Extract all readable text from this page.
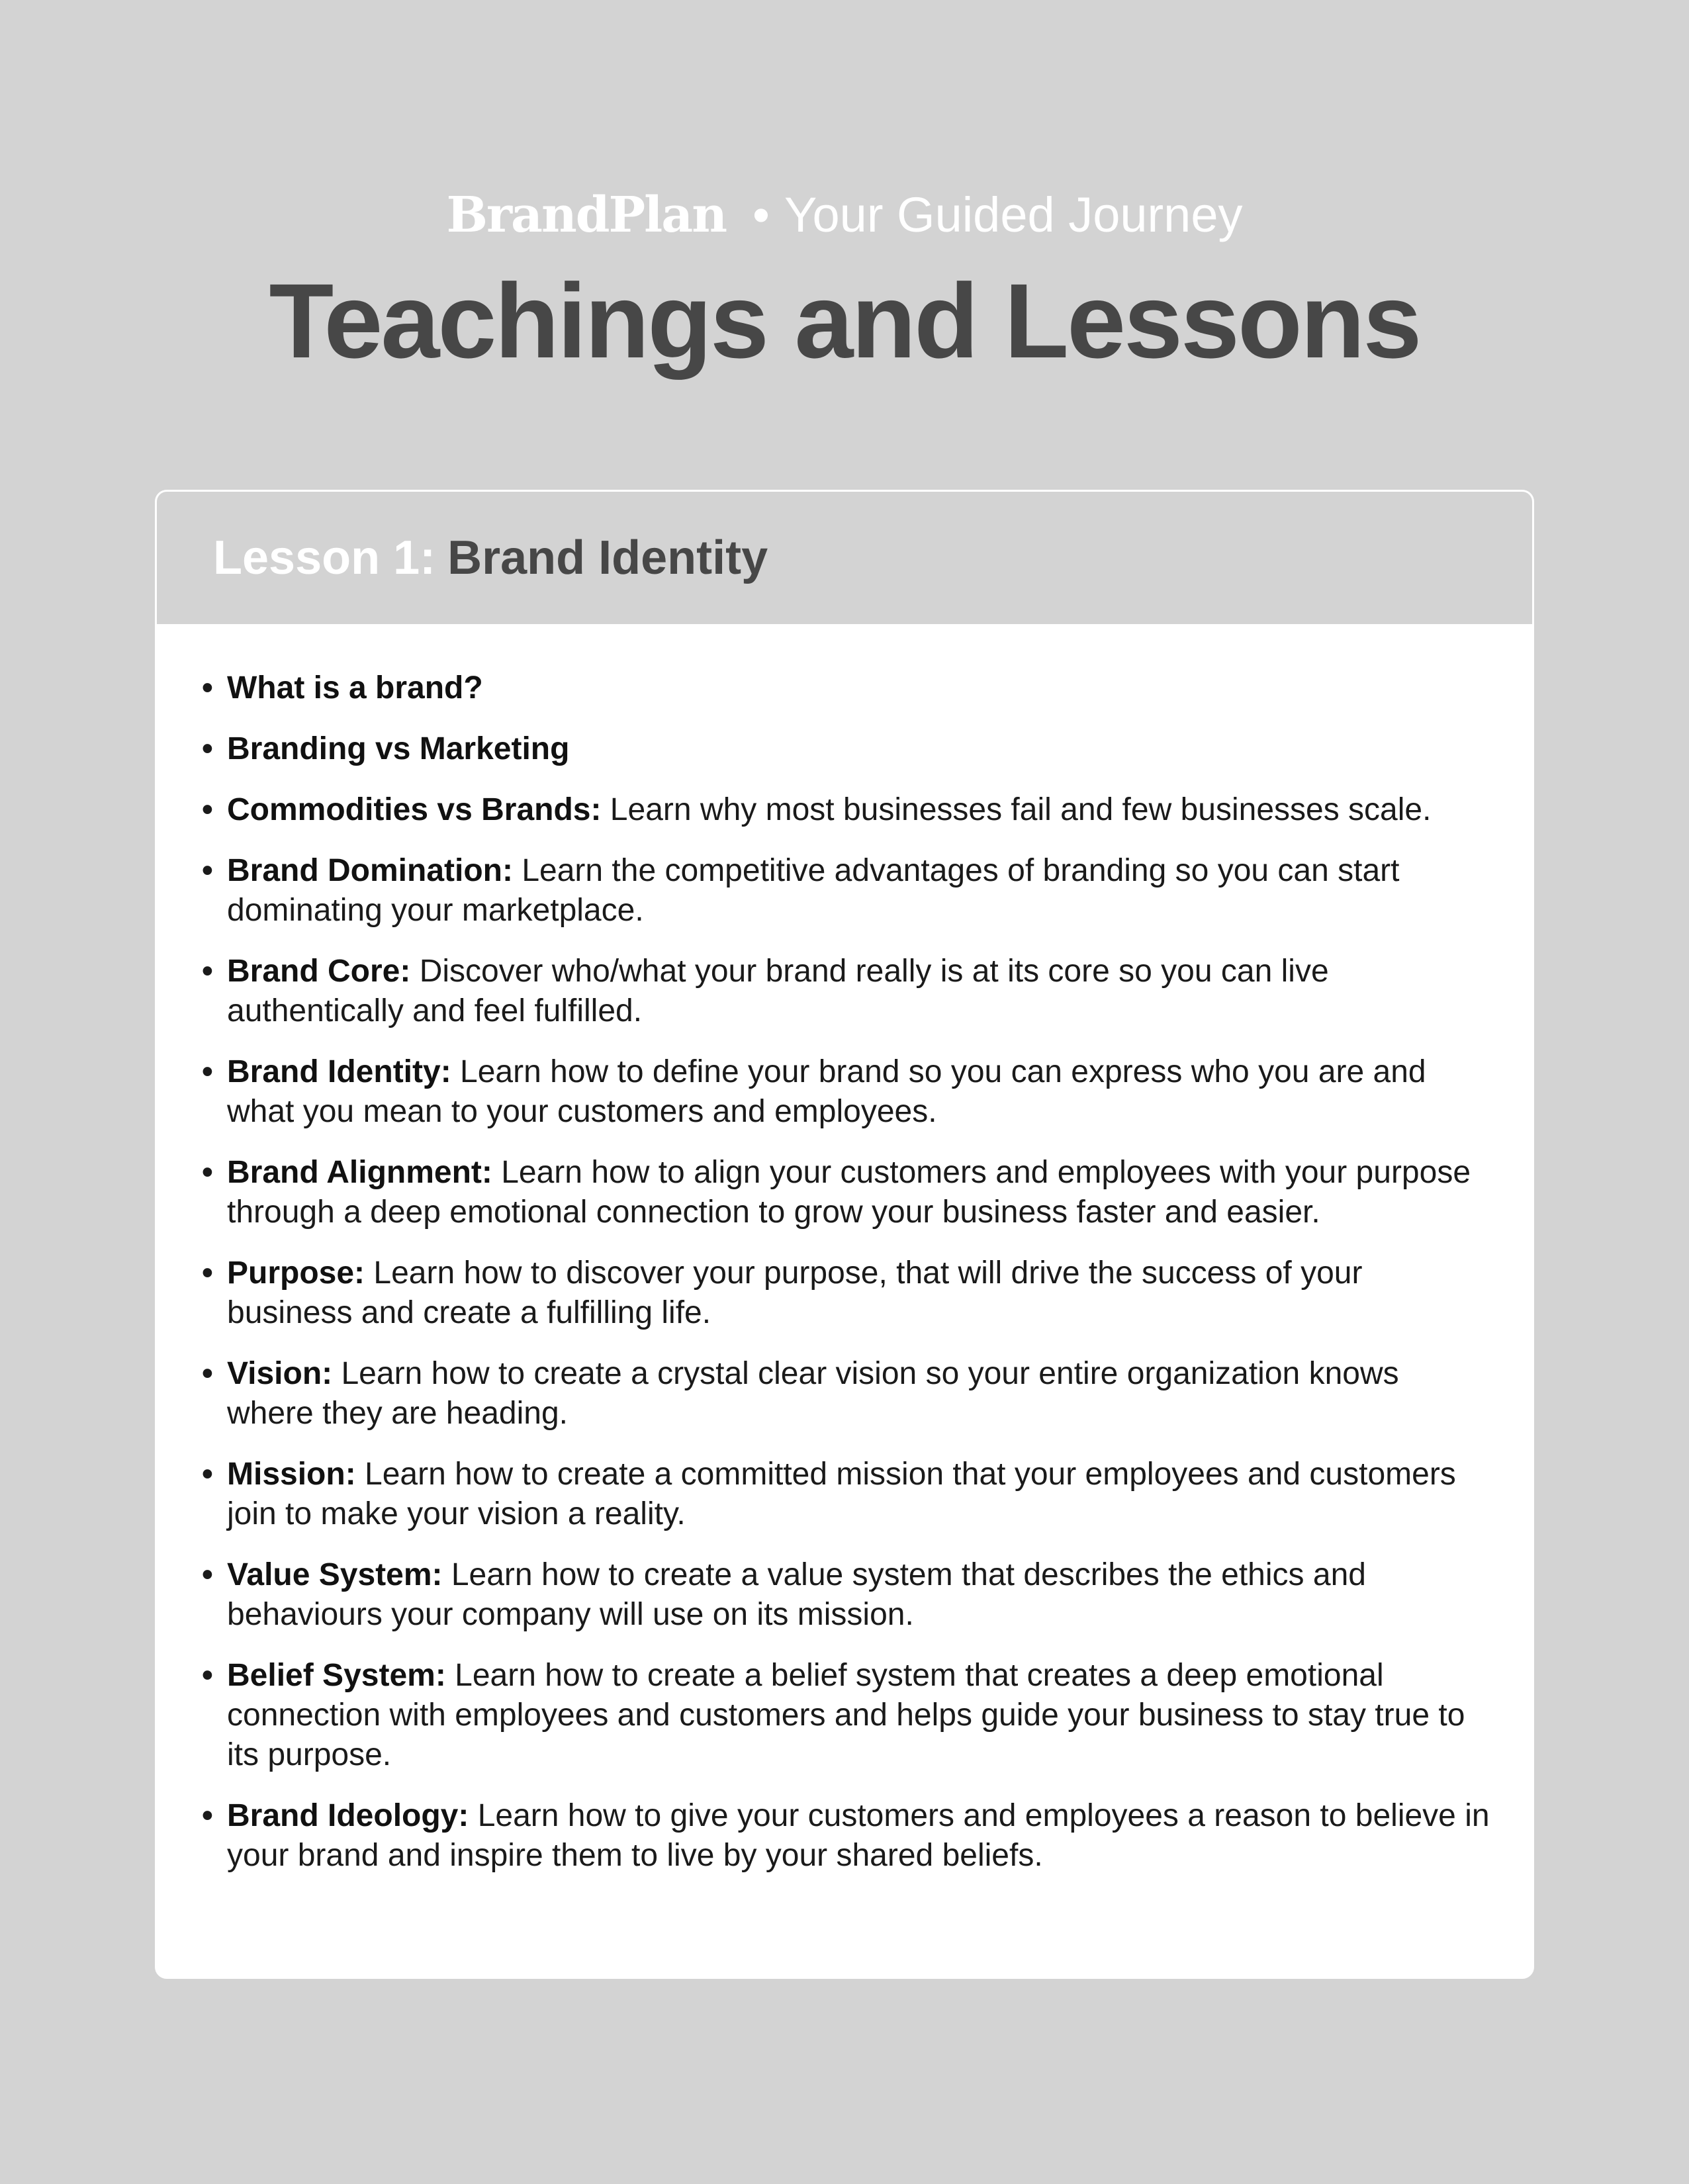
BrandPlan • Your Guided Journey
Teachings and Lessons
Lesson 1: Brand Identity
• What is a brand?
• Branding vs Marketing
• Commodities vs Brands: Learn why most businesses fail and few businesses scale.
• Brand Domination: Learn the competitive advantages of branding so you can start dominating your marketplace.
• Brand Core: Discover who/what your brand really is at its core so you can live authentically and feel fulfilled.
• Brand Identity: Learn how to define your brand so you can express who you are and what you mean to your customers and employees.
• Brand Alignment: Learn how to align your customers and employees with your purpose through a deep emotional connection to grow your business faster and easier.
• Purpose: Learn how to discover your purpose, that will drive the success of your business and create a fulfilling life.
• Vision: Learn how to create a crystal clear vision so your entire organization knows where they are heading.
• Mission: Learn how to create a committed mission that your employees and customers join to make your vision a reality.
• Value System: Learn how to create a value system that describes the ethics and behaviours your company will use on its mission.
• Belief System: Learn how to create a belief system that creates a deep emotional connection with employees and customers and helps guide your business to stay true to its purpose.
• Brand Ideology: Learn how to give your customers and employees a reason to believe in your brand and inspire them to live by your shared beliefs.
